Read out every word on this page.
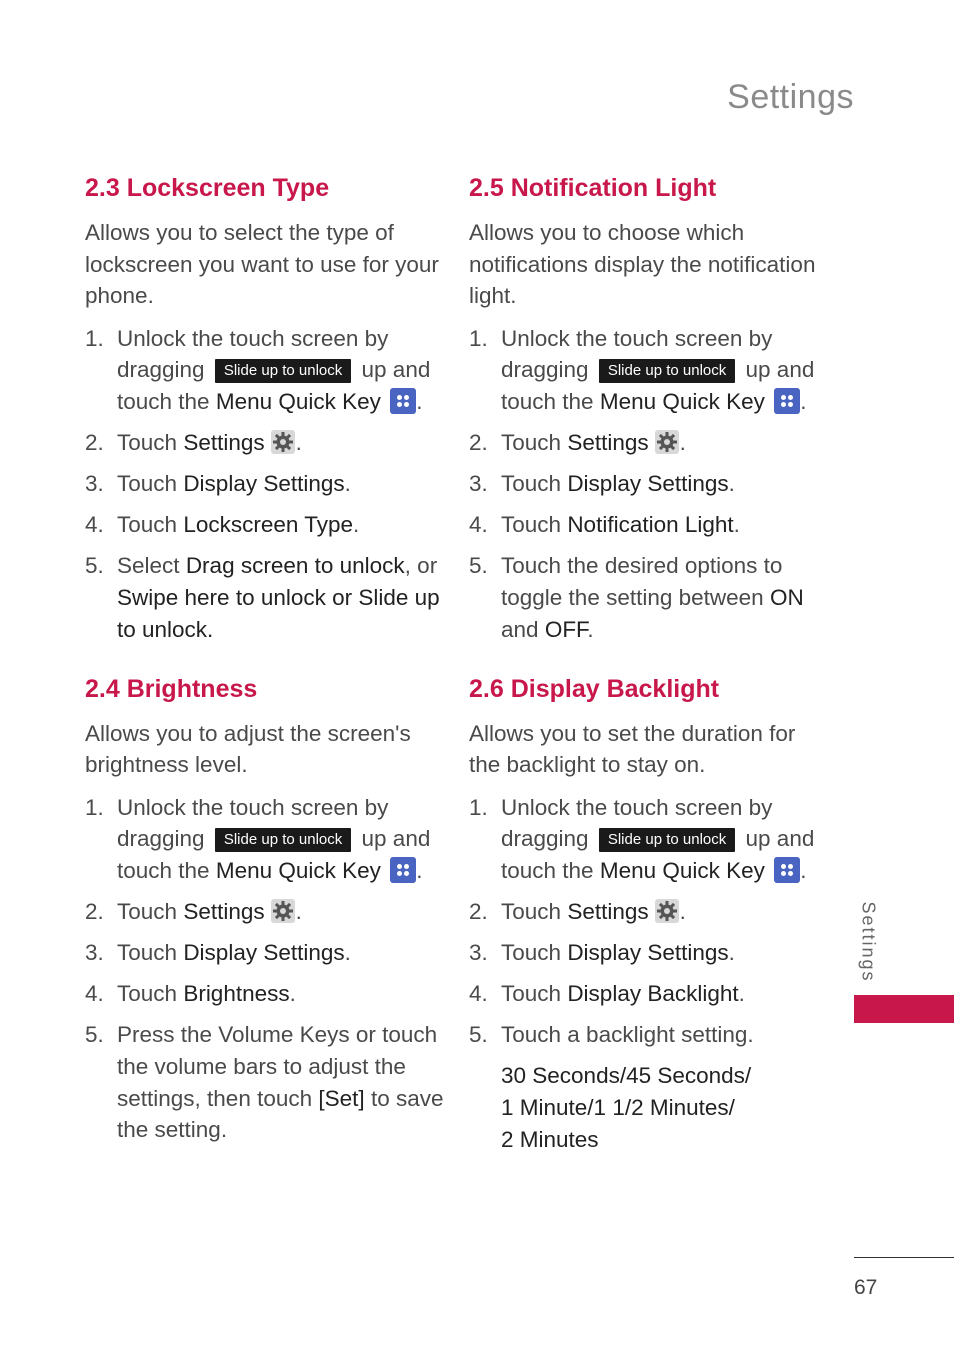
Settings
2.3 Lockscreen Type
Allows you to select the type of lockscreen you want to use for your phone.
1. Unlock the touch screen by dragging Slide up to unlock up and touch the Menu Quick Key .
2. Touch Settings .
3. Touch Display Settings.
4. Touch Lockscreen Type.
5. Select Drag screen to unlock, or Swipe here to unlock or Slide up to unlock.
2.4 Brightness
Allows you to adjust the screen's brightness level.
1. Unlock the touch screen by dragging Slide up to unlock up and touch the Menu Quick Key .
2. Touch Settings .
3. Touch Display Settings.
4. Touch Brightness.
5. Press the Volume Keys or touch the volume bars to adjust the settings, then touch [Set] to save the setting.
2.5 Notification Light
Allows you to choose which notifications display the notification light.
1. Unlock the touch screen by dragging Slide up to unlock up and touch the Menu Quick Key .
2. Touch Settings .
3. Touch Display Settings.
4. Touch Notification Light.
5. Touch the desired options to toggle the setting between ON and OFF.
2.6 Display Backlight
Allows you to set the duration for the backlight to stay on.
1. Unlock the touch screen by dragging Slide up to unlock up and touch the Menu Quick Key .
2. Touch Settings .
3. Touch Display Settings.
4. Touch Display Backlight.
5. Touch a backlight setting.
30 Seconds/45 Seconds/
1 Minute/1 1/2 Minutes/
2 Minutes
Settings
67
